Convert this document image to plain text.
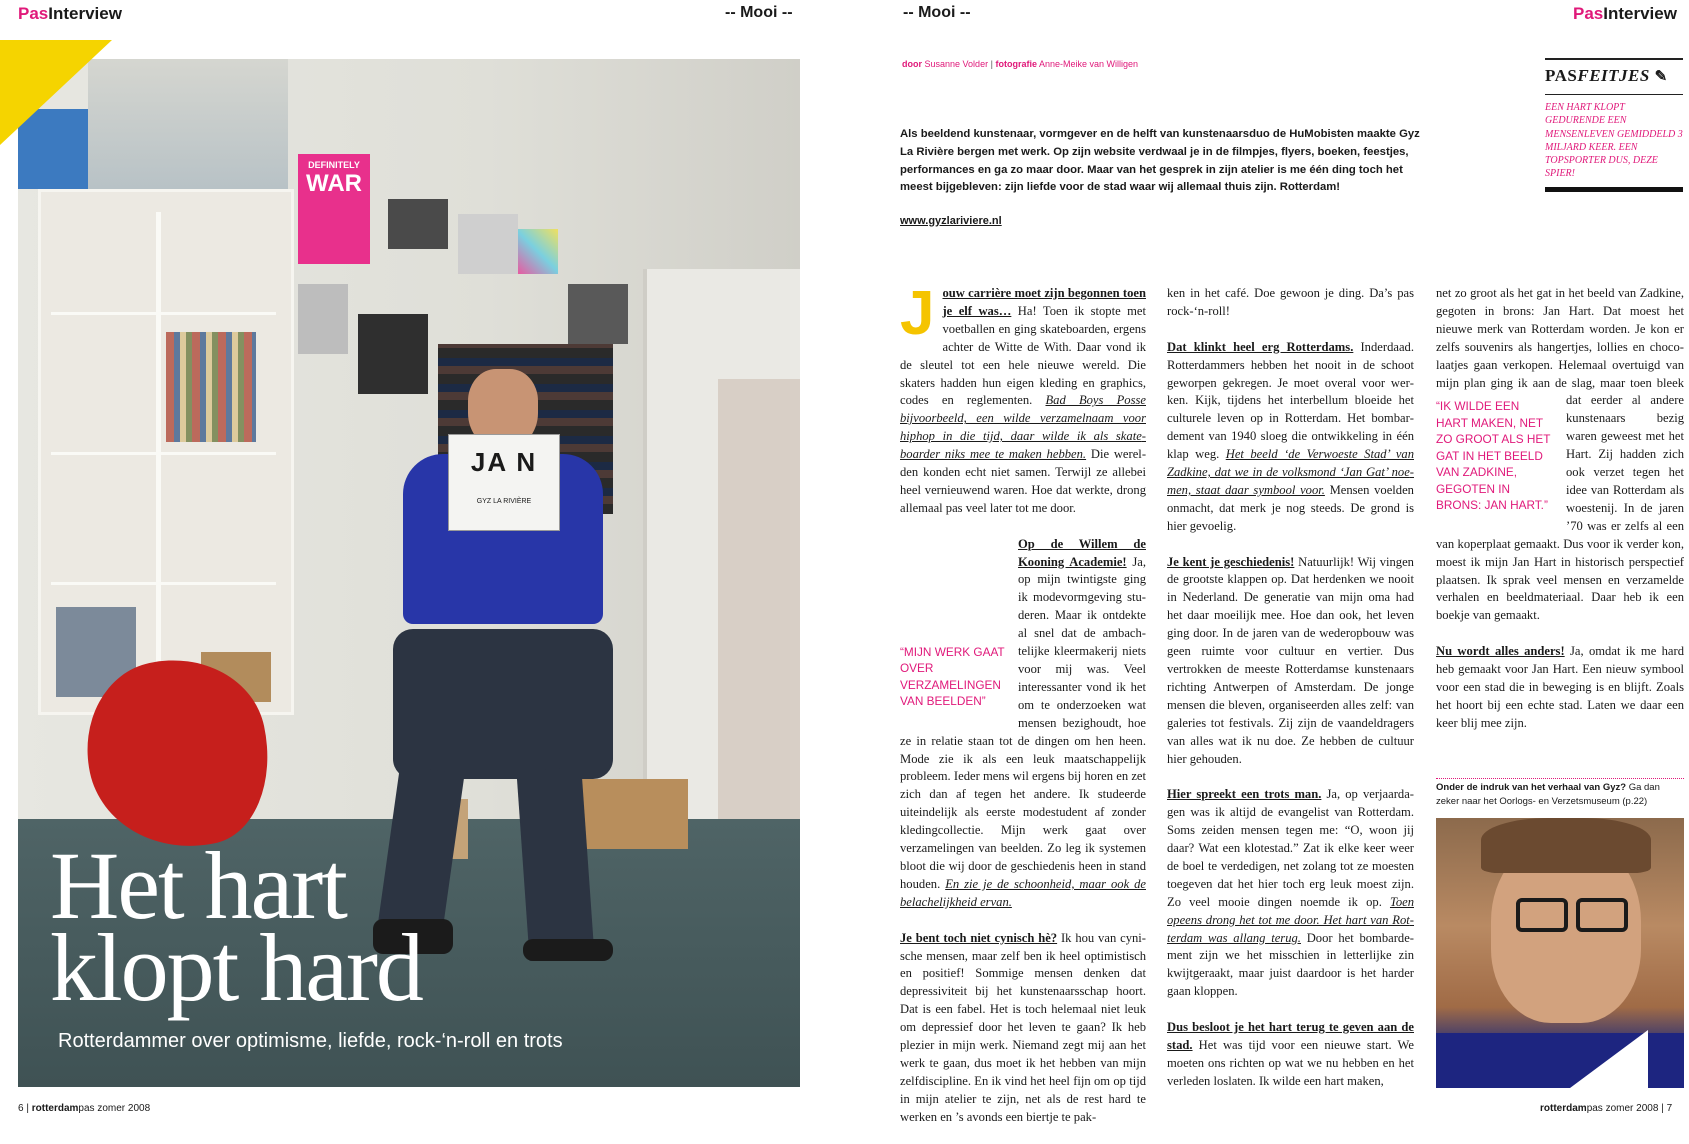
PasInterview	-- Mooi --
DEFINITELY
WAR
JA N
GYZ LA RIVIÈRE
Het hart
klopt hard
Rotterdammer over optimisme, liefde, rock-‘n-roll en trots
6 | rotterdampas zomer 2008
-- Mooi --	PasInterview
door Susanne Volder | fotografie Anne-Meike van Willigen
Als beeldend kunstenaar, vormgever en de helft van kunstenaarsduo de HuMobisten maakte Gyz La Rivière bergen met werk. Op zijn website verdwaal je in de filmpjes, flyers, boeken, feestjes, performances en ga zo maar door. Maar van het gesprek in zijn atelier is me één ding toch het meest bijgebleven: zijn liefde voor de stad waar wij allemaal thuis zijn. Rotterdam!
www.gyzlariviere.nl
PASFEITJES ✎
EEN HART KLOPT GEDURENDE EEN MENSENLEVEN GEMIDDELD 3 MILJARD KEER. EEN TOPSPORTER DUS, DEZE SPIER!

Jouw carrière moet zijn begonnen toen je elf was… Ha! Toen ik stopte met voetballen en ging skateboarden, ergens achter de Witte de With. Daar vond ik de sleutel tot een hele nieuwe wereld. Die skaters hadden hun eigen kleding en graphics, codes en reglementen. Bad Boys Posse bijvoorbeeld, een wilde verzamelnaam voor hiphop in die tijd, daar wilde ik als skateboarder niks mee te maken hebben. Die werelden konden echt niet samen. Terwijl ze allebei heel vernieuwend waren. Hoe dat werkte, drong allemaal pas veel later tot me door.

“MIJN WERK GAAT OVER VERZAMELINGEN VAN BEELDEN”
Op de Willem de Kooning Academie! Ja, op mijn twintigste ging ik modevormgeving studeren. Maar ik ontdekte al snel dat de ambachtelijke kleermakerij niets voor mij was. Veel interessanter vond ik het om te onderzoeken wat mensen bezighoudt, hoe ze in relatie staan tot de dingen om hen heen. Mode zie ik als een leuk maatschappelijk probleem. Ieder mens wil ergens bij horen en zet zich dan af tegen het andere. Ik studeerde uiteindelijk als eerste modestudent af zonder kledingcollectie. Mijn werk gaat over verzamelingen van beelden. Zo leg ik systemen bloot die wij door de geschiedenis heen in stand houden. En zie je de schoonheid, maar ook de belachelijkheid ervan.

Je bent toch niet cynisch hè? Ik hou van cynische mensen, maar zelf ben ik heel optimistisch en positief! Sommige mensen denken dat depressiviteit bij het kunstenaarsschap hoort. Dat is een fabel. Het is toch helemaal niet leuk om depressief door het leven te gaan? Ik heb plezier in mijn werk. Niemand zegt mij aan het werk te gaan, dus moet ik het hebben van mijn zelfdiscipline. En ik vind het heel fijn om op tijd in mijn atelier te zijn, net als de rest hard te werken en ’s avonds een biertje te pak-

ken in het café. Doe gewoon je ding. Da’s pas rock-‘n-roll!

Dat klinkt heel erg Rotterdams. Inderdaad. Rotterdammers hebben het nooit in de schoot geworpen gekregen. Je moet overal voor werken. Kijk, tijdens het interbellum bloeide het culturele leven op in Rotterdam. Het bombardement van 1940 sloeg die ontwikkeling in één klap weg. Het beeld ‘de Verwoeste Stad’ van Zadkine, dat we in de volksmond ‘Jan Gat’ noemen, staat daar symbool voor. Mensen voelden onmacht, dat merk je nog steeds. De grond is hier gevoelig.

Je kent je geschiedenis! Natuurlijk! Wij vingen de grootste klappen op. Dat herdenken we nooit in Nederland. De generatie van mijn oma had het daar moeilijk mee. Hoe dan ook, het leven ging door. In de jaren van de wederopbouw was geen ruimte voor cultuur en vertier. Dus vertrokken de meeste Rotterdamse kunstenaars richting Antwerpen of Amsterdam. De jonge mensen die bleven, organiseerden alles zelf: van galeries tot festivals. Zij zijn de vaandeldragers van alles wat ik nu doe. Ze hebben de cultuur hier gehouden.

Hier spreekt een trots man. Ja, op verjaardagen was ik altijd de evangelist van Rotterdam. Soms zeiden mensen tegen me: “O, woon jij daar? Wat een klotestad.” Zat ik elke keer weer de boel te verdedigen, net zolang tot ze moesten toegeven dat het hier toch erg leuk moest zijn. Zo veel mooie dingen noemde ik op. Toen opeens drong het tot me door. Het hart van Rotterdam was allang terug. Door het bombardement zijn we het misschien in letterlijke zin kwijtgeraakt, maar juist daardoor is het harder gaan kloppen.

Dus besloot je het hart terug te geven aan de stad. Het was tijd voor een nieuwe start. We moeten ons richten op wat we nu hebben en het verleden loslaten. Ik wilde een hart maken,

net zo groot als het gat in het beeld van Zadkine, gegoten in brons: Jan Hart. Dat moest het nieuwe merk van Rotterdam worden. Je kon er zelfs souvenirs als hangertjes, lollies en chocolaatjes gaan verkopen. Helemaal overtuigd van mijn plan ging ik aan de slag, maar toen bleek
“IK WILDE EEN HART MAKEN, NET ZO GROOT ALS HET GAT IN HET BEELD VAN ZADKINE, GEGOTEN IN BRONS: JAN HART.”
dat eerder al andere kunstenaars bezig waren geweest met het Hart. Zij hadden zich ook verzet tegen het idee van Rotterdam als woestenij. In de jaren ’70 was er zelfs al een van koperplaat gemaakt. Dus voor ik verder kon, moest ik mijn Jan Hart in historisch perspectief plaatsen. Ik sprak veel mensen en verzamelde verhalen en beeldmateriaal. Daar heb ik een boekje van gemaakt.

Nu wordt alles anders! Ja, omdat ik me hard heb gemaakt voor Jan Hart. Een nieuw symbool voor een stad die in beweging is en blijft. Zoals het hoort bij een echte stad. Laten we daar een keer blij mee zijn.

Onder de indruk van het verhaal van Gyz? Ga dan zeker naar het Oorlogs- en Verzetsmuseum (p.22)
rotterdampas zomer 2008 | 7
